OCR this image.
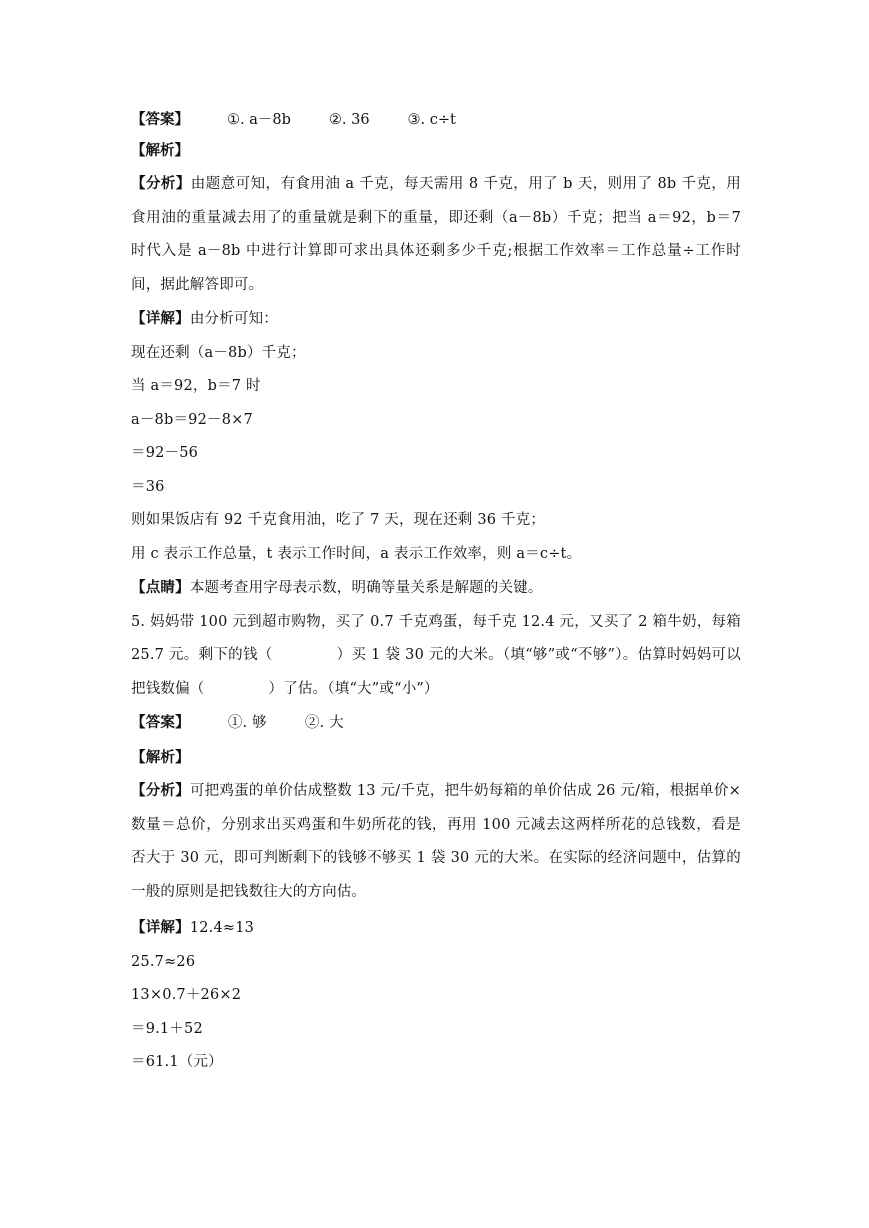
【答案】	①. a－8b	②. 36	③. c÷t
【解析】
【分析】由题意可知，有食用油 a 千克，每天需用 8 千克，用了 b 天，则用了 8b 千克，用食用油的重量减去用了的重量就是剩下的重量，即还剩（a－8b）千克；把当 a＝92，b＝7 时代入是 a－8b 中进行计算即可求出具体还剩多少千克;根据工作效率＝工作总量÷工作时间，据此解答即可。
【详解】由分析可知：
现在还剩（a－8b）千克；
当 a＝92，b＝7 时
a－8b＝92－8×7
＝92－56
＝36
则如果饭店有 92 千克食用油，吃了 7 天，现在还剩 36 千克；
用 c 表示工作总量，t 表示工作时间，a 表示工作效率，则 a＝c÷t。
【点睛】本题考查用字母表示数，明确等量关系是解题的关键。
5. 妈妈带 100 元到超市购物，买了 0.7 千克鸡蛋，每千克 12.4 元，又买了 2 箱牛奶，每箱 25.7 元。剩下的钱（	）买 1 袋 30 元的大米。（填“够”或“不够”）。估算时妈妈可以把钱数偏（	）了估。（填“大”或“小”）
【答案】	①. 够	②. 大
【解析】
【分析】可把鸡蛋的单价估成整数 13 元/千克，把牛奶每箱的单价估成 26 元/箱，根据单价×数量＝总价，分别求出买鸡蛋和牛奶所花的钱，再用 100 元减去这两样所花的总钱数，看是否大于 30 元，即可判断剩下的钱够不够买 1 袋 30 元的大米。在实际的经济问题中，估算的一般的原则是把钱数往大的方向估。
【详解】12.4≈13
25.7≈26
13×0.7＋26×2
＝9.1＋52
＝61.1（元）
